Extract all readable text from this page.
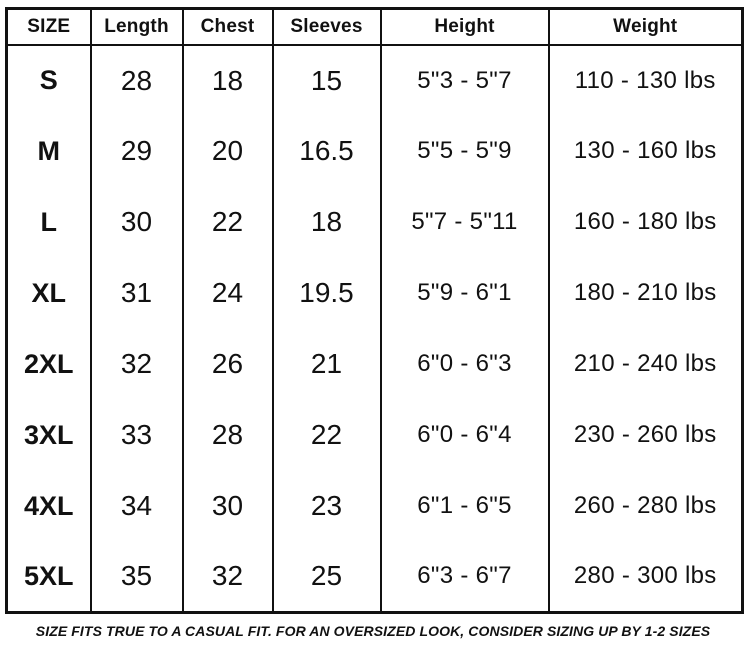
SIZE	Length	Chest	Sleeves	Height	Weight
S	28	18	15	5"3 - 5"7	110 - 130 lbs
M	29	20	16.5	5"5 - 5"9	130 - 160 lbs
L	30	22	18	5"7 - 5"11	160 - 180 lbs
XL	31	24	19.5	5"9 - 6"1	180 - 210 lbs
2XL	32	26	21	6"0 - 6"3	210 - 240 lbs
3XL	33	28	22	6"0 - 6"4	230 - 260 lbs
4XL	34	30	23	6"1 - 6"5	260 - 280 lbs
5XL	35	32	25	6"3 - 6"7	280 - 300 lbs
SIZE FITS TRUE TO A CASUAL FIT. FOR AN OVERSIZED LOOK, CONSIDER SIZING UP BY 1-2 SIZES
